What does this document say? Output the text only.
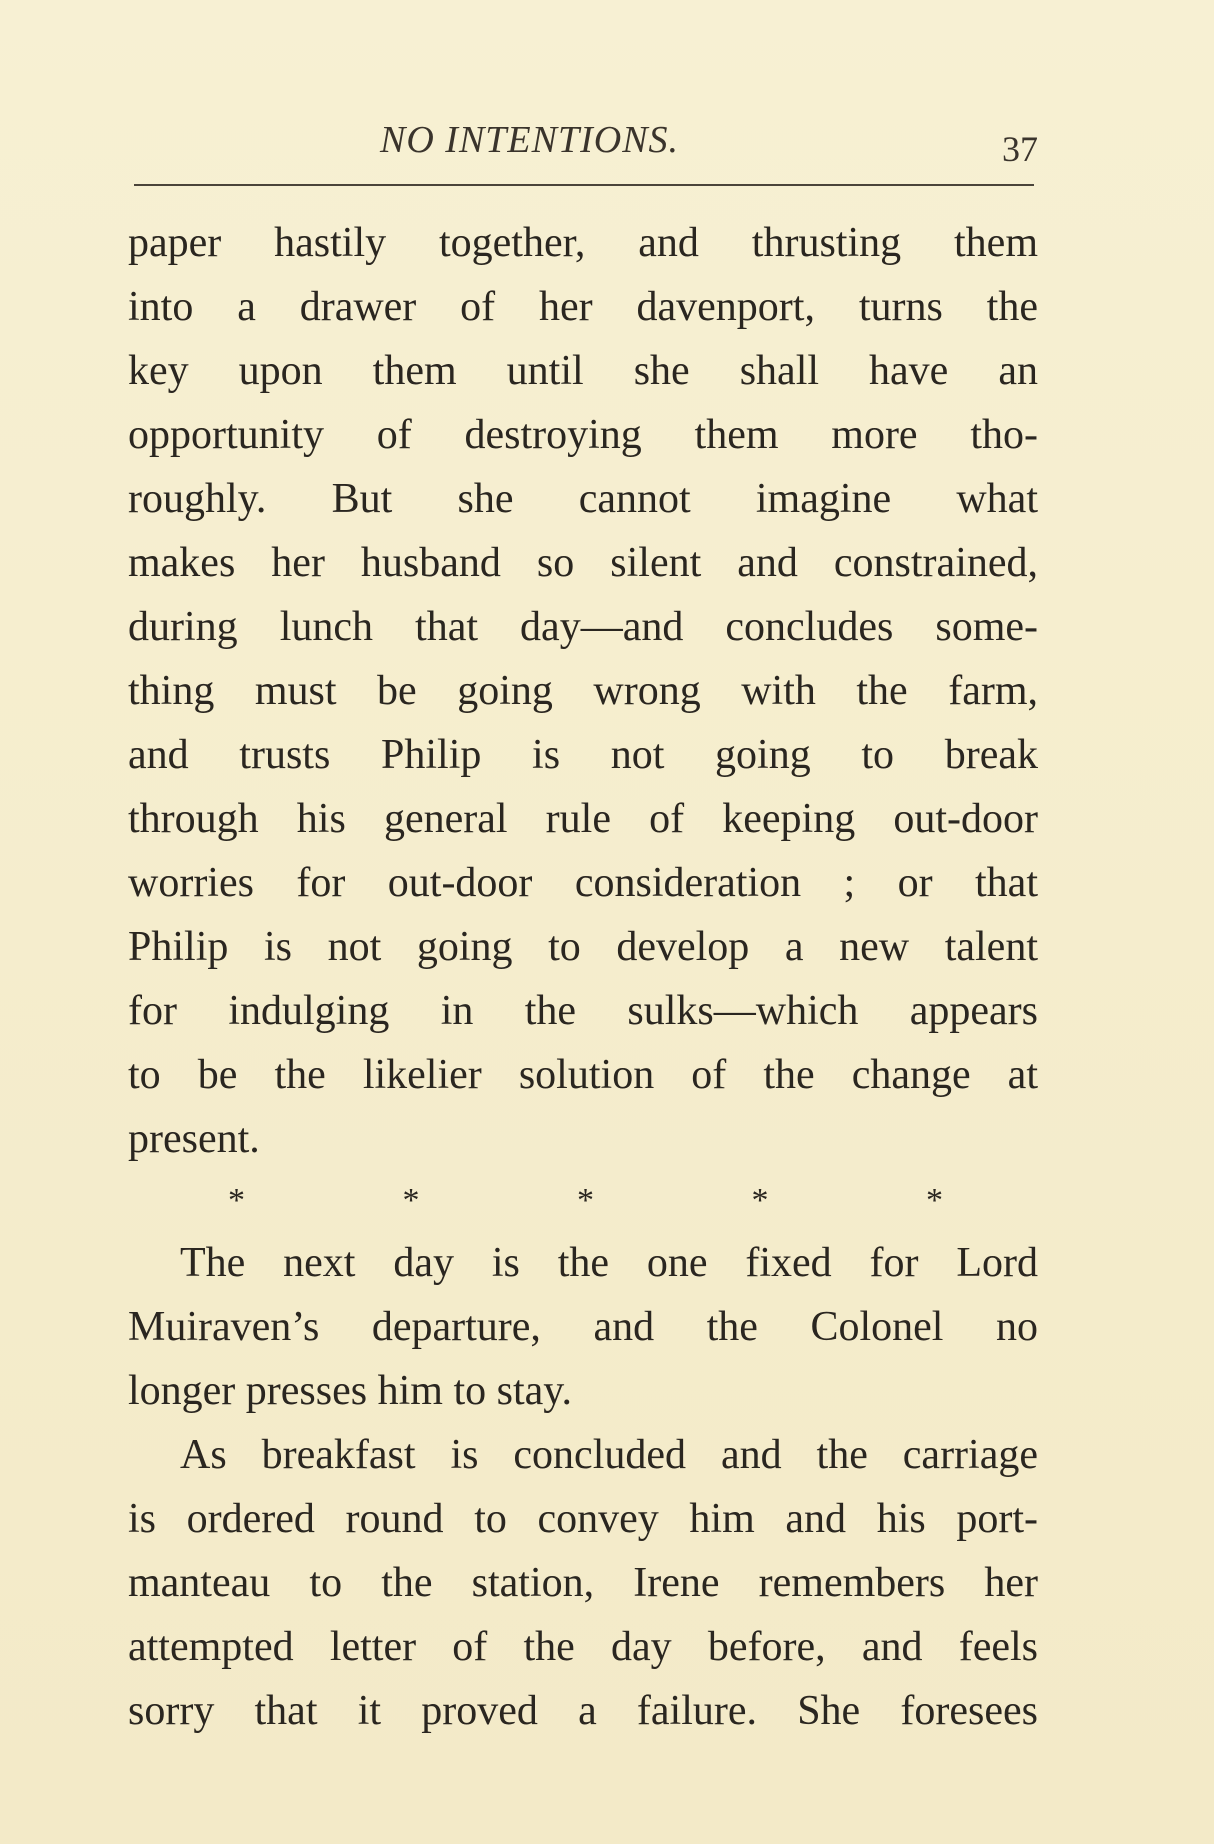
NO INTENTIONS.	37
paper hastily together, and thrusting them
into a drawer of her davenport, turns the
key upon them until she shall have an
opportunity of destroying them more tho-
roughly. But she cannot imagine what
makes her husband so silent and constrained,
during lunch that day—and concludes some-
thing must be going wrong with the farm,
and trusts Philip is not going to break
through his general rule of keeping out-door
worries for out-door consideration ; or that
Philip is not going to develop a new talent
for indulging in the sulks—which appears
to be the likelier solution of the change at
present.
*	*	*	*	*
The next day is the one fixed for Lord
Muiraven’s departure, and the Colonel no
longer presses him to stay.
As breakfast is concluded and the carriage
is ordered round to convey him and his port-
manteau to the station, Irene remembers her
attempted letter of the day before, and feels
sorry that it proved a failure. She foresees
